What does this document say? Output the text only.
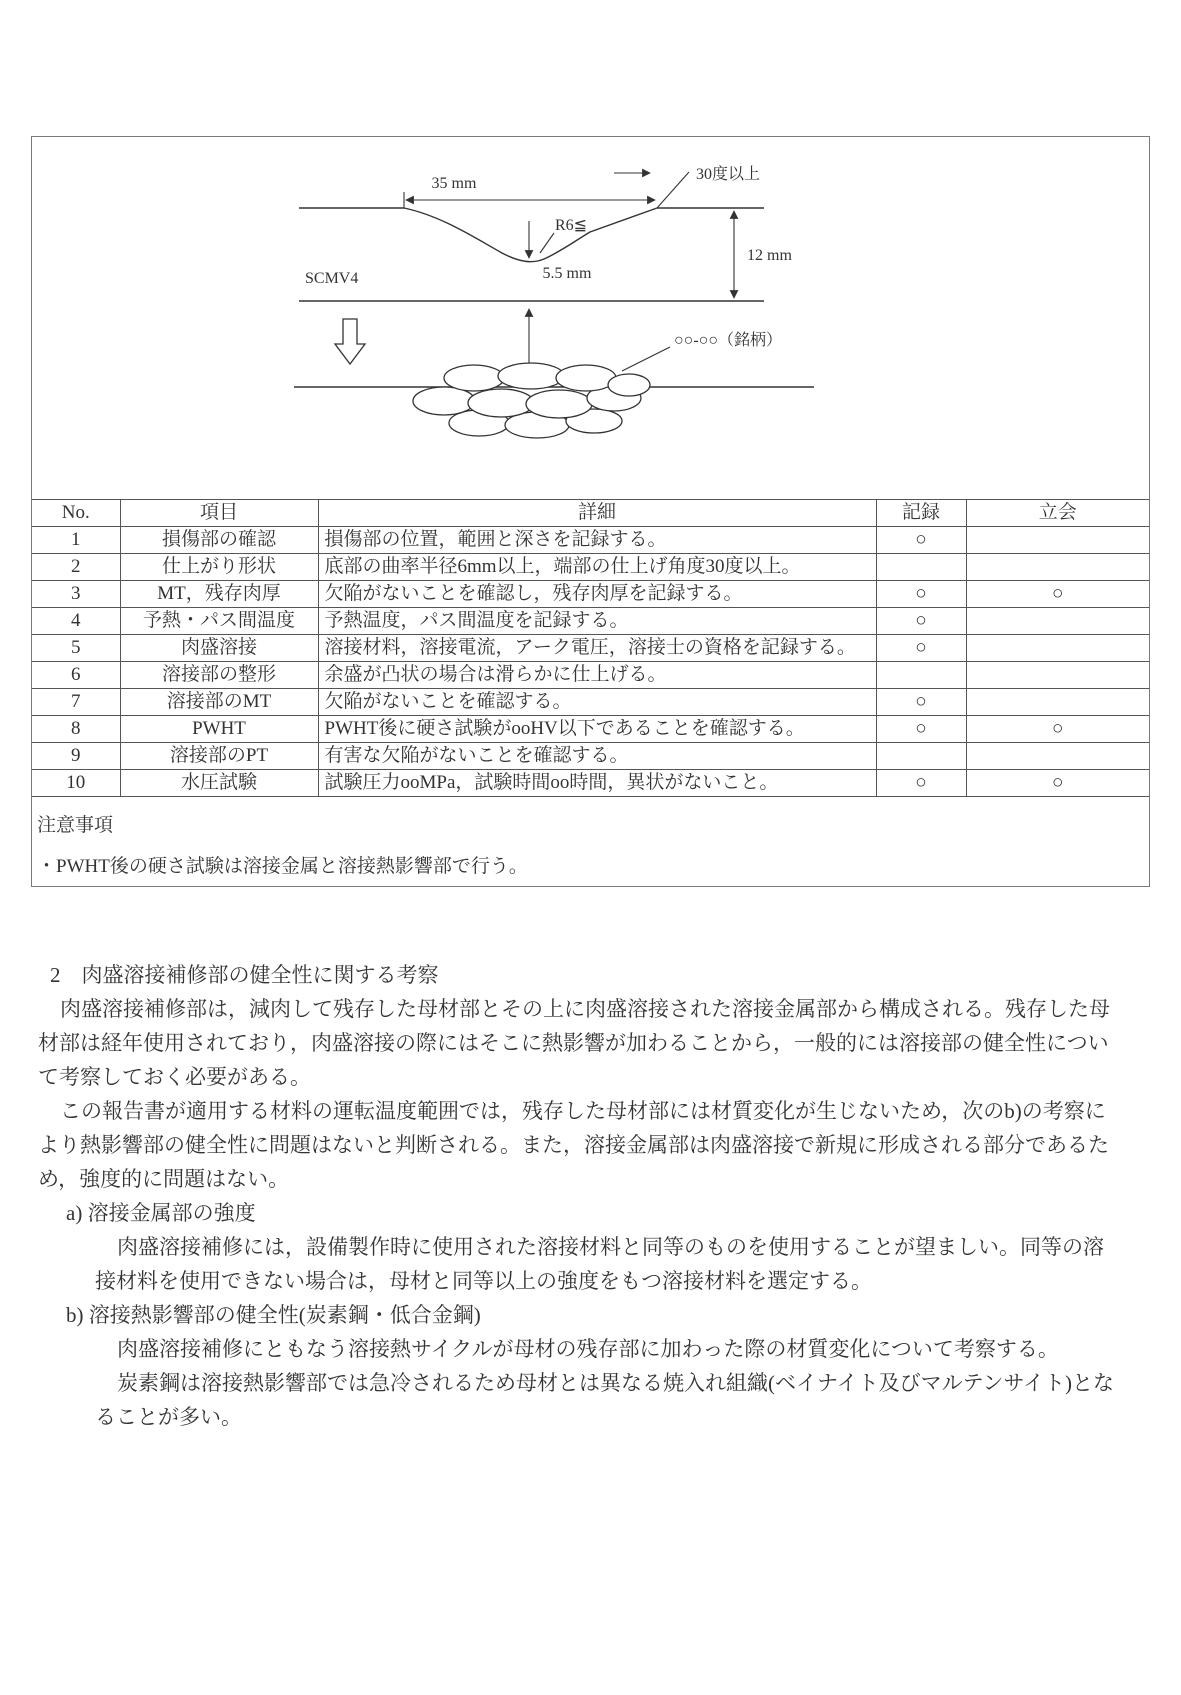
35 mm
30度以上
R6≦
5.5 mm
12 mm
SCMV4
○○-○○（銘柄）
No.	項目	詳細	記録	立会
1	損傷部の確認	損傷部の位置，範囲と深さを記録する。	○	
2	仕上がり形状	底部の曲率半径6mm以上，端部の仕上げ角度30度以上。		
3	MT，残存肉厚	欠陥がないことを確認し，残存肉厚を記録する。	○	○
4	予熱・パス間温度	予熱温度，パス間温度を記録する。	○	
5	肉盛溶接	溶接材料，溶接電流，アーク電圧，溶接士の資格を記録する。	○	
6	溶接部の整形	余盛が凸状の場合は滑らかに仕上げる。		
7	溶接部のMT	欠陥がないことを確認する。	○	
8	PWHT	PWHT後に硬さ試験がooHV以下であることを確認する。	○	○
9	溶接部のPT	有害な欠陥がないことを確認する。		
10	水圧試験	試験圧力ooMPa，試験時間oo時間，異状がないこと。	○	○
注意事項
・PWHT後の硬さ試験は溶接金属と溶接熱影響部で行う。
2　肉盛溶接補修部の健全性に関する考察

肉盛溶接補修部は，減肉して残存した母材部とその上に肉盛溶接された溶接金属部から構成される。残存した母材部は経年使用されており，肉盛溶接の際にはそこに熱影響が加わることから，一般的には溶接部の健全性について考察しておく必要がある。

この報告書が適用する材料の運転温度範囲では，残存した母材部には材質変化が生じないため，次のb)の考察により熱影響部の健全性に問題はないと判断される。また，溶接金属部は肉盛溶接で新規に形成される部分であるため，強度的に問題はない。

a) 溶接金属部の強度

肉盛溶接補修には，設備製作時に使用された溶接材料と同等のものを使用することが望ましい。同等の溶接材料を使用できない場合は，母材と同等以上の強度をもつ溶接材料を選定する。

b) 溶接熱影響部の健全性(炭素鋼・低合金鋼)

肉盛溶接補修にともなう溶接熱サイクルが母材の残存部に加わった際の材質変化について考察する。

炭素鋼は溶接熱影響部では急冷されるため母材とは異なる焼入れ組織(ベイナイト及びマルテンサイト)となることが多い。
